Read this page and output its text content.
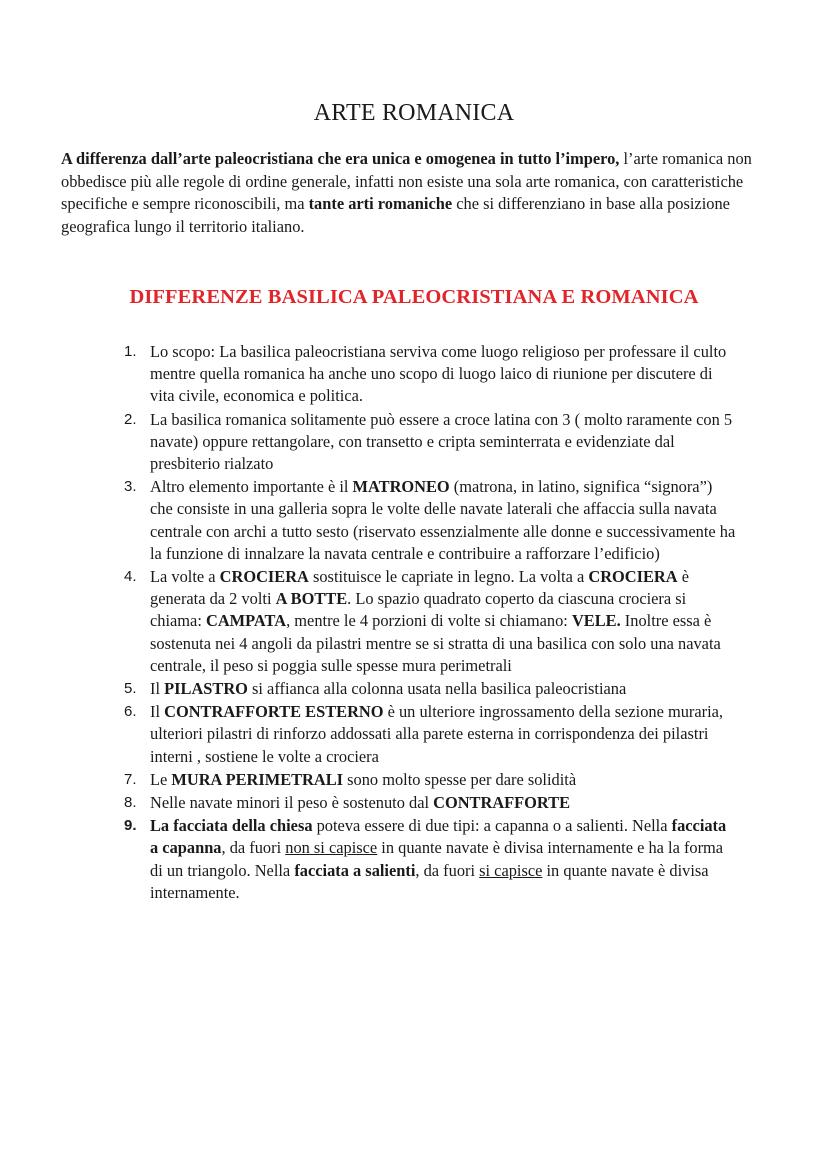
ARTE ROMANICA

A differenza dall’arte paleocristiana che era unica e omogenea in tutto l’impero, l’arte romanica non obbedisce più alle regole di ordine generale, infatti non esiste una sola arte romanica, con caratteristiche specifiche e sempre riconoscibili, ma tante arti romaniche che si differenziano in base alla posizione geografica lungo il territorio italiano.

DIFFERENZE BASILICA PALEOCRISTIANA E ROMANICA
1. Lo scopo: La basilica paleocristiana serviva come luogo religioso per professare il culto mentre quella romanica ha anche uno scopo di luogo laico di riunione per discutere di vita civile, economica e politica.
2. La basilica romanica solitamente può essere a croce latina con 3 ( molto raramente con 5 navate) oppure rettangolare, con transetto e cripta seminterrata e evidenziate dal presbiterio rialzato
3. Altro elemento importante è il MATRONEO (matrona, in latino, significa “signora”) che consiste in una galleria sopra le volte delle navate laterali che affaccia sulla navata centrale con archi a tutto sesto (riservato essenzialmente alle donne e successivamente ha la funzione di innalzare la navata centrale e contribuire a rafforzare l’edificio)
4. La volte a CROCIERA sostituisce le capriate in legno. La volta a CROCIERA è generata da 2 volti A BOTTE. Lo spazio quadrato coperto da ciascuna crociera si chiama: CAMPATA, mentre le 4 porzioni di volte si chiamano: VELE. Inoltre essa è sostenuta nei 4 angoli da pilastri mentre se si stratta di una basilica con solo una navata centrale, il peso si poggia sulle spesse mura perimetrali
5. Il PILASTRO si affianca alla colonna usata nella basilica paleocristiana
6. Il CONTRAFFORTE ESTERNO è un ulteriore ingrossamento della sezione muraria, ulteriori pilastri di rinforzo addossati alla parete esterna in corrispondenza dei pilastri interni , sostiene le volte a crociera
7. Le MURA PERIMETRALI sono molto spesse per dare solidità
8. Nelle navate minori il peso è sostenuto dal CONTRAFFORTE
9. La facciata della chiesa poteva essere di due tipi: a capanna o a salienti. Nella facciata a capanna, da fuori non si capisce in quante navate è divisa internamente e ha la forma di un triangolo. Nella facciata a salienti, da fuori si capisce in quante navate è divisa internamente.
